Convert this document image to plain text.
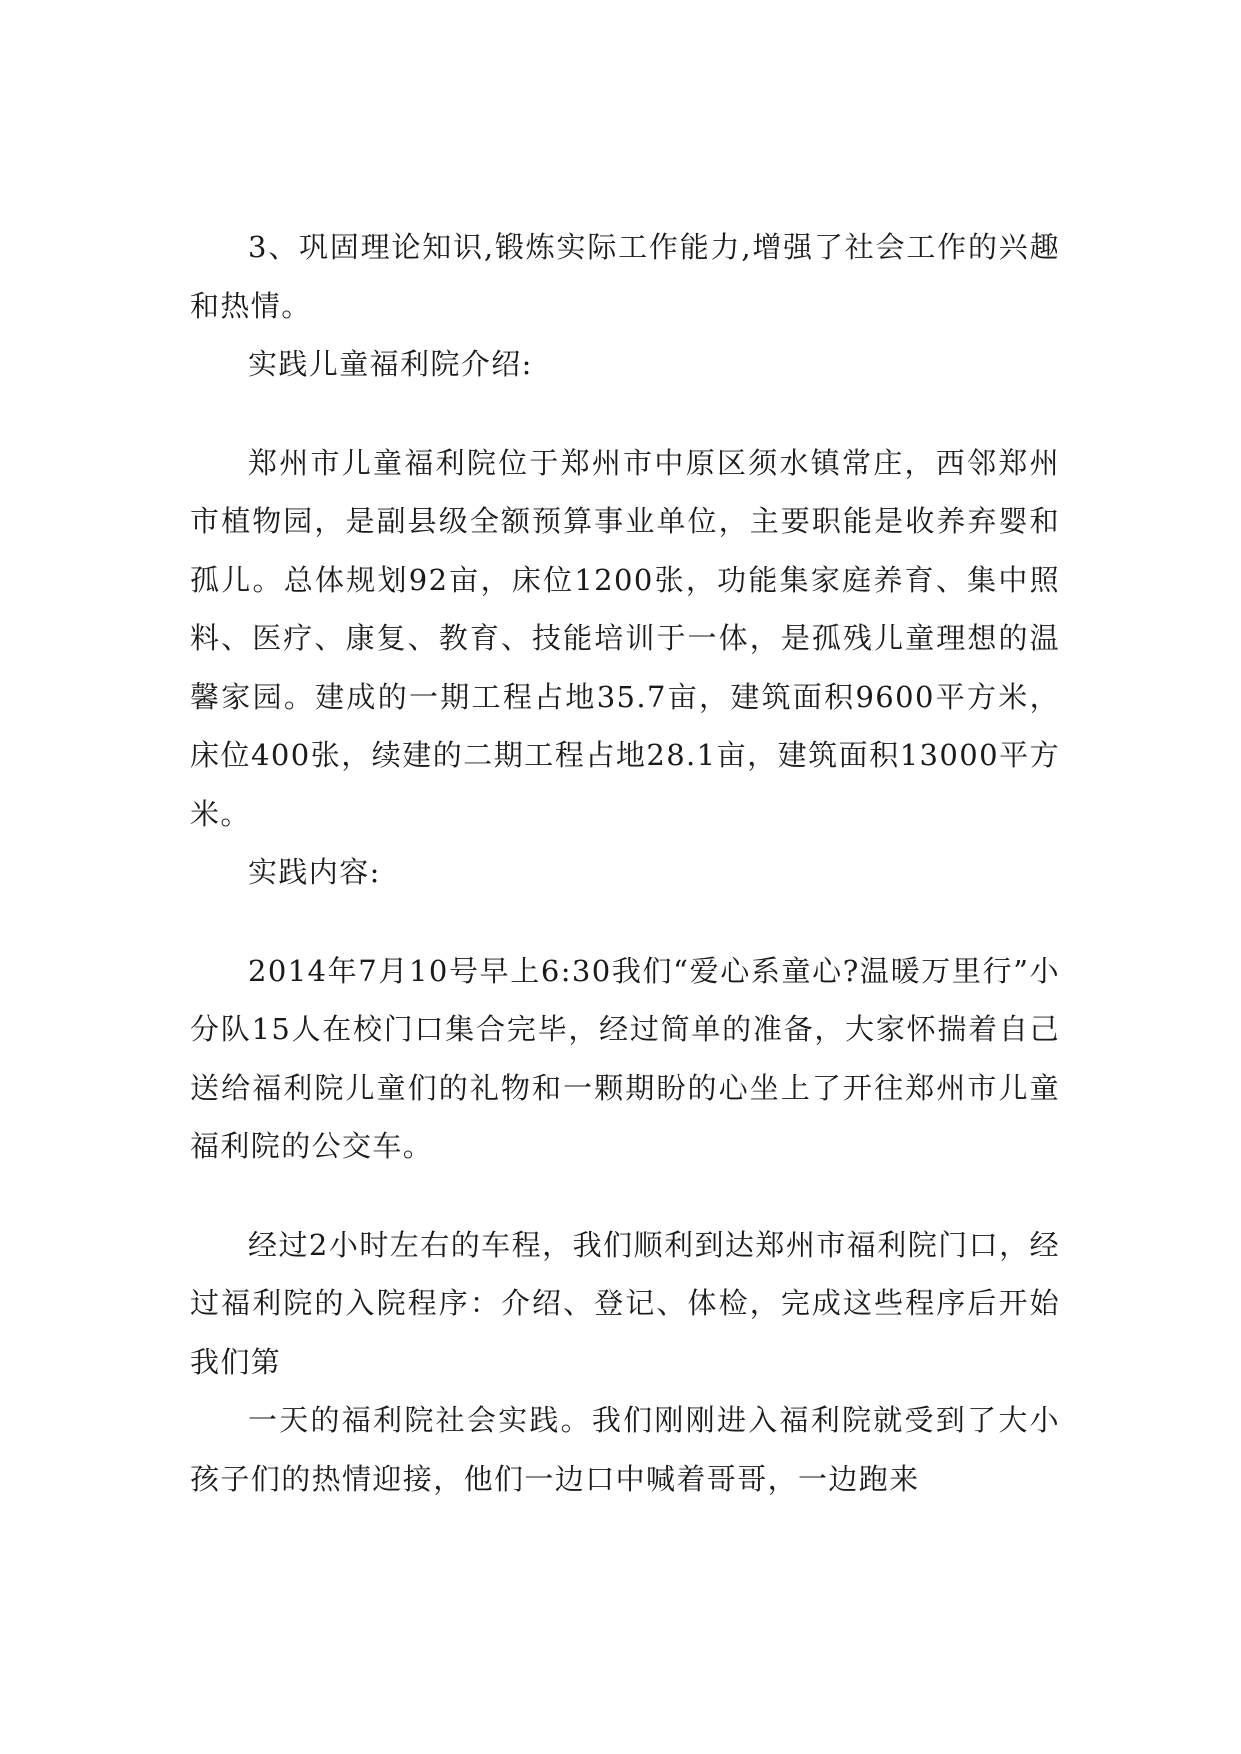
3、巩固理论知识,锻炼实际工作能力,增强了社会工作的兴趣和热情。

实践儿童福利院介绍:

郑州市儿童福利院位于郑州市中原区须水镇常庄，西邻郑州市植物园，是副县级全额预算事业单位，主要职能是收养弃婴和孤儿。总体规划92亩，床位1200张，功能集家庭养育、集中照料、医疗、康复、教育、技能培训于一体，是孤残儿童理想的温馨家园。建成的一期工程占地35.7亩，建筑面积9600平方米，床位400张，续建的二期工程占地28.1亩，建筑面积13000平方米。

实践内容:

2014年7月10号早上6:30我们“爱心系童心?温暖万里行”小分队15人在校门口集合完毕，经过简单的准备，大家怀揣着自己送给福利院儿童们的礼物和一颗期盼的心坐上了开往郑州市儿童福利院的公交车。

经过2小时左右的车程，我们顺利到达郑州市福利院门口，经过福利院的入院程序：介绍、登记、体检，完成这些程序后开始我们第

一天的福利院社会实践。我们刚刚进入福利院就受到了大小孩子们的热情迎接，他们一边口中喊着哥哥，一边跑来
